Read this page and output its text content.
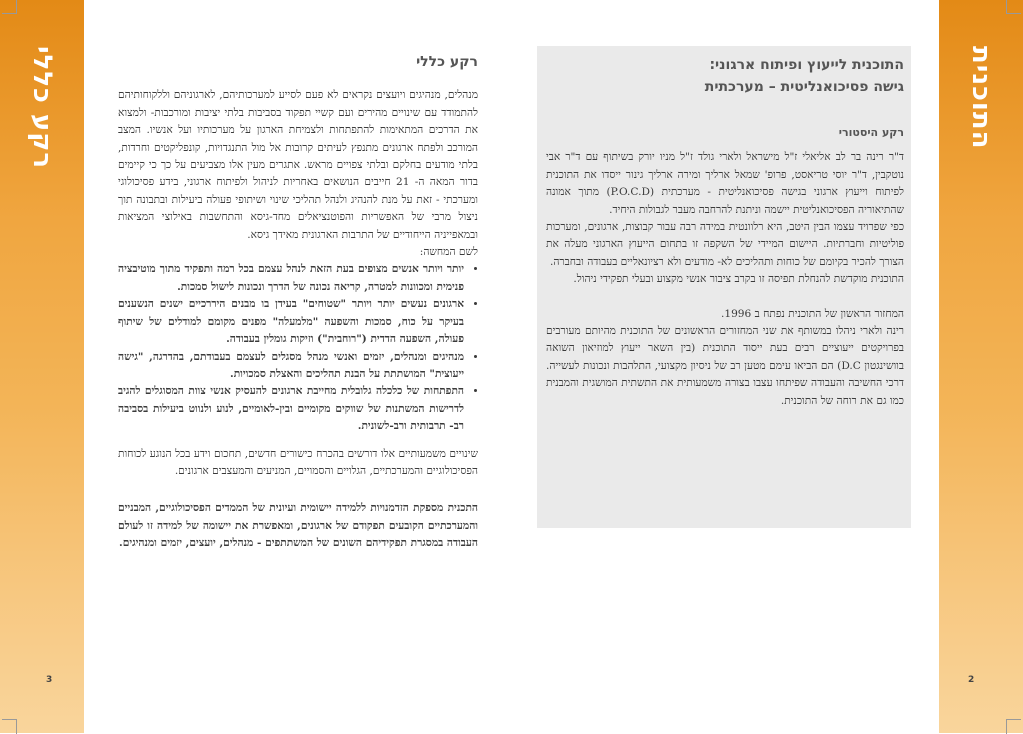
רקע כללי	התוכנית
רקע כללי

מנהלים, מנהיגים ויועצים נקראים לא פעם לסייע למערכותיהם, לארגוניהם וללקוחותיהם להתמודד עם שינויים מהירים ועם קשיי תפקוד בסביבות בלתי יציבות ומורכבות- ולמצוא את הדרכים המתאימות להתפתחות ולצמיחת הארגון על מערכותיו ועל אנשיו. המצב המורכב ולפתח ארגונים מתנפץ לעיתים קרובות אל מול התנגדויות, קונפליקטים וחרדות, בלתי מודעים בחלקם ובלתי צפויים מראש. אתגרים מעין אלו מצביעים על כך כי קיימים בדור המאה ה- 21 חייבים הנושאים באחריות לניהול ולפיתוח ארגוני, בידע פסיכולוגי ומערכתי - זאת על מנת להנהיג ולנהל תהליכי שינוי ושיתופי פעולה ביעילות ובתבונה תוך ניצול מרבי של האפשריות והפוטנציאלים מחד-גיסא והתחשבות באילוצי המציאות ובמאפייניה הייחודיים של התרבות הארגונית מאידך גיסא.

לשם המחשה:

• יותר ויותר אנשים מצופים בעת הזאת לנהל עצמם בכל רמה ותפקיד מתוך מוטיבציה פנימית ומכוונות למטרה, קריאה נכונה של הדרך ונכונות לישול סמכות.
• ארגונים נעשים יותר ויותר "שטוחים" בעידן בו מבנים היררכיים ישנים הנשענים בעיקר על כוח, סמכות והשפעה "מלמעלה" מפנים מקומם למודלים של שיתוף פעולה, השפעה הדדית ("רוחבית") וזיקות גומלין בעבודה.
• מנהיגים ומנהלים, יזמים ואנשי מנהל מסגלים לעצמם בעבודתם, בהדרגה, "גישה ייעוצית" המושתתת על הבנת תהליכים והאצלת סמכויות.
• התפתחות של כלכלה גלובלית מחייבת ארגונים להעסיק אנשי צוות המסוגלים להגיב לדרישות המשתנות של שווקים מקומיים ובין-לאומיים, לנוע ולנווט ביעילות בסביבה רב- תרבותית ורב-לשונית.

שינויים משמעותיים אלו דורשים בהכרח כישורים חדשים, תחכום וידע בכל הנוגע לכוחות הפסיכולוגיים והמערכתיים, הגלויים והסמויים, המניעים והמעצבים ארגונים.

התכנית מספקת הזדמנויות ללמידה יישומית ועיונית של הממדים הפסיכולוגיים, המבניים והמערכתיים הקובעים תפקודם של ארגונים, ומאפשרת את יישומה של למידה זו לעולם העבודה במסגרת תפקידיהם השונים של המשתתפים - מנהלים, יועצים, יזמים ומנהיגים.

3
התוכנית לייעוץ ופיתוח ארגוני:
גישה פסיכואנליטית – מערכתית
רקע היסטורי

ד"ר רינה בר לב אליאלי ז"ל מישראל ולארי גולד ז"ל מניו יורק בשיתוף עם ד"ר אבי נוטקבין, ד"ר יוסי טריאסט, פרופ' שמאל ארליך ומירה ארליך גינור ייסדו את התוכנית לפיתוח וייעוץ ארגוני בגישה פסיכואנליטית - מערכתית (P.O.C.D) מתוך אמונה שהתיאוריה הפסיכואנליטית יישמה וניתנת להרחבה מעבר לגבולות היחיד.

כפי שפרויד עצמו הבין היטב, היא רלוונטית במידה רבה עבור קבוצות, ארגונים, ומערכות פוליטיות וחברתיות. היישום המיידי של השקפה זו בתחום הייעוץ הארגוני מעלה את הצורך להכיר בקיומם של כוחות ותהליכים לא- מודעים ולא רציונאליים בעבודה ובחברה.

התוכנית מוקדשת להנחלת תפיסה זו בקרב ציבור אנשי מקצוע ובעלי תפקידי ניהול.

המחזור הראשון של התוכנית נפתח ב 1996.

רינה ולארי ניהלו במשותף את שני המחזורים הראשונים של התוכנית מהיותם מעורבים בפרויקטים ייעוציים רבים בעת ייסוד התוכנית (בין השאר ייעוץ למוזיאון השואה בוושינגטון D.C) הם הביאו עימם מטען רב של ניסיון מקצועי, התלהבות ונכונות לעשייה. דרכי החשיבה והעבודה שפיתחו עצבו בצורה משמעותית את התשתית המושגית והמבנית כמו גם את רוחה של התוכנית.

2
